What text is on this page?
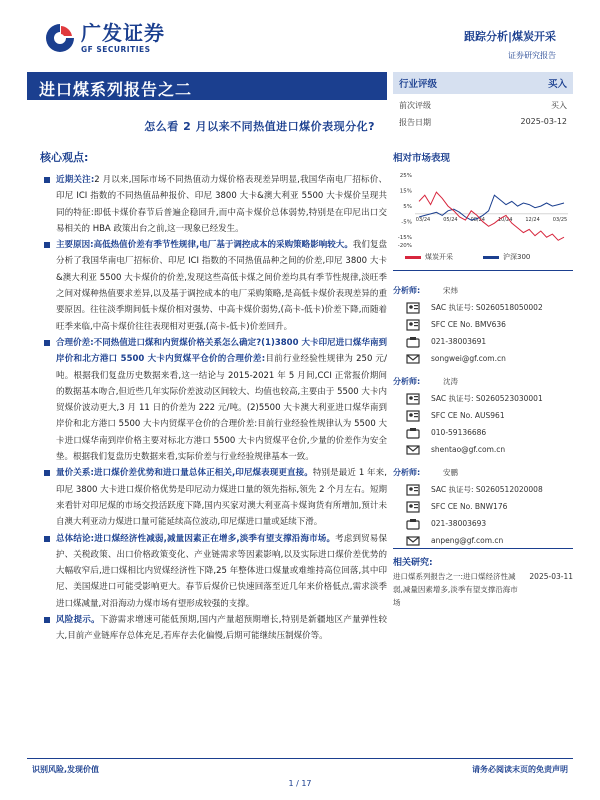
广发证券
GF SECURITIES
跟踪分析|煤炭开采
证券研究报告
进口煤系列报告之二
怎么看 2 月以来不同热值进口煤价表现分化?
行业评级	买入
前次评级	买入
报告日期	2025-03-12
核心观点:
近期关注:2 月以来,国际市场不同热值动力煤价格表现差异明显,我国华南电厂招标价、印尼 ICI 指数的不同热值品种报价、印尼 3800 大卡&澳大利亚 5500 大卡煤价呈现共同的特征:即低卡煤价春节后普遍企稳回升,而中高卡煤价总体弱势,特别是在印尼出口交易相关的 HBA 政策出台之前,这一现象已经发生。
主要原因:高低热值价差有季节性规律,电厂基于调控成本的采购策略影响较大。我们复盘分析了我国华南电厂招标价、印尼 ICI 指数的不同热值品种之间的价差,印尼 3800 大卡&澳大利亚 5500 大卡煤价的价差,发现这些高低卡煤之间价差均具有季节性规律,淡旺季之间对煤种热值要求差异,以及基于调控成本的电厂采购策略,是高低卡煤价表现差异的重要原因。往往淡季期间低卡煤价相对强势、中高卡煤价弱势,(高卡-低卡)价差下降,而随着旺季来临,中高卡煤价往往表现相对更强,(高卡-低卡)价差回升。
合理价差:不同热值进口煤和内贸煤价格关系怎么确定?(1)3800 大卡印尼进口煤华南到岸价和北方港口 5500 大卡内贸煤平仓价的合理价差:目前行业经验性规律为 250 元/吨。根据我们复盘历史数据来看,这一结论与 2015-2021 年 5 月间,CCI 正常报价期间的数据基本吻合,但近些几年实际价差波动区间较大、均值也较高,主要由于 5500 大卡内贸煤价波动更大,3 月 11 日的价差为 222 元/吨。(2)5500 大卡澳大利亚进口煤华南到岸价和北方港口 5500 大卡内贸煤平仓价的合理价差:目前行业经验性规律认为 5500 大卡进口煤华南到岸价格主要对标北方港口 5500 大卡内贸煤平仓价,少量的价差作为安全垫。根据我们复盘历史数据来看,实际价差与行业经验规律基本一致。
量价关系:进口煤价差优势和进口量总体正相关,印尼煤表现更直接。特别是最近 1 年来,印尼 3800 大卡进口煤价格优势是印尼动力煤进口量的领先指标,领先 2 个月左右。短期来看针对印尼煤的市场交投活跃度下降,国内买家对澳大利亚高卡煤询货有所增加,预计未自澳大利亚动力煤进口量可能延续高位波动,印尼煤进口量或延续下滑。
总体结论:进口煤经济性减弱,减量因素正在增多,淡季有望支撑沿海市场。考虑到贸易保护、关税政策、出口价格政策变化、产业链需求等因素影响,以及实际进口煤价差优势的大幅收窄后,进口煤相比内贸煤经济性下降,25 年整体进口煤量或难维持高位回落,其中印尼、美国煤进口可能受影响更大。春节后煤价已快速回落至近几年来价格低点,需求淡季进口煤减量,对沿海动力煤市场有望形成较强的支撑。
风险提示。下游需求增速可能低预期,国内产量超预期增长,特别是新疆地区产量弹性较大,目前产业链库存总体充足,若库存去化偏慢,后期可能继续压制煤价等。
相对市场表现
25%
15%
5%
-5%
-15%
-20%
03/24	05/24	08/24	10/24	12/24	03/25
煤炭开采	沪深300
分析师:	宋炜
SAC 执证号: S0260518050002
SFC CE No. BMV636
021-38003691
songwei@gf.com.cn
分析师:	沈涛
SAC 执证号: S0260523030001
SFC CE No. AUS961
010-59136686
shentao@gf.com.cn
分析师:	安鹏
SAC 执证号: S0260512020008
SFC CE No. BNW176
021-38003693
anpeng@gf.com.cn
相关研究:
进口煤系列报告之一:进口煤经济性减弱,减量因素增多,淡季有望支撑沿海市场
2025-03-11
识别风险,发现价值	请务必阅读末页的免责声明
1 / 17
